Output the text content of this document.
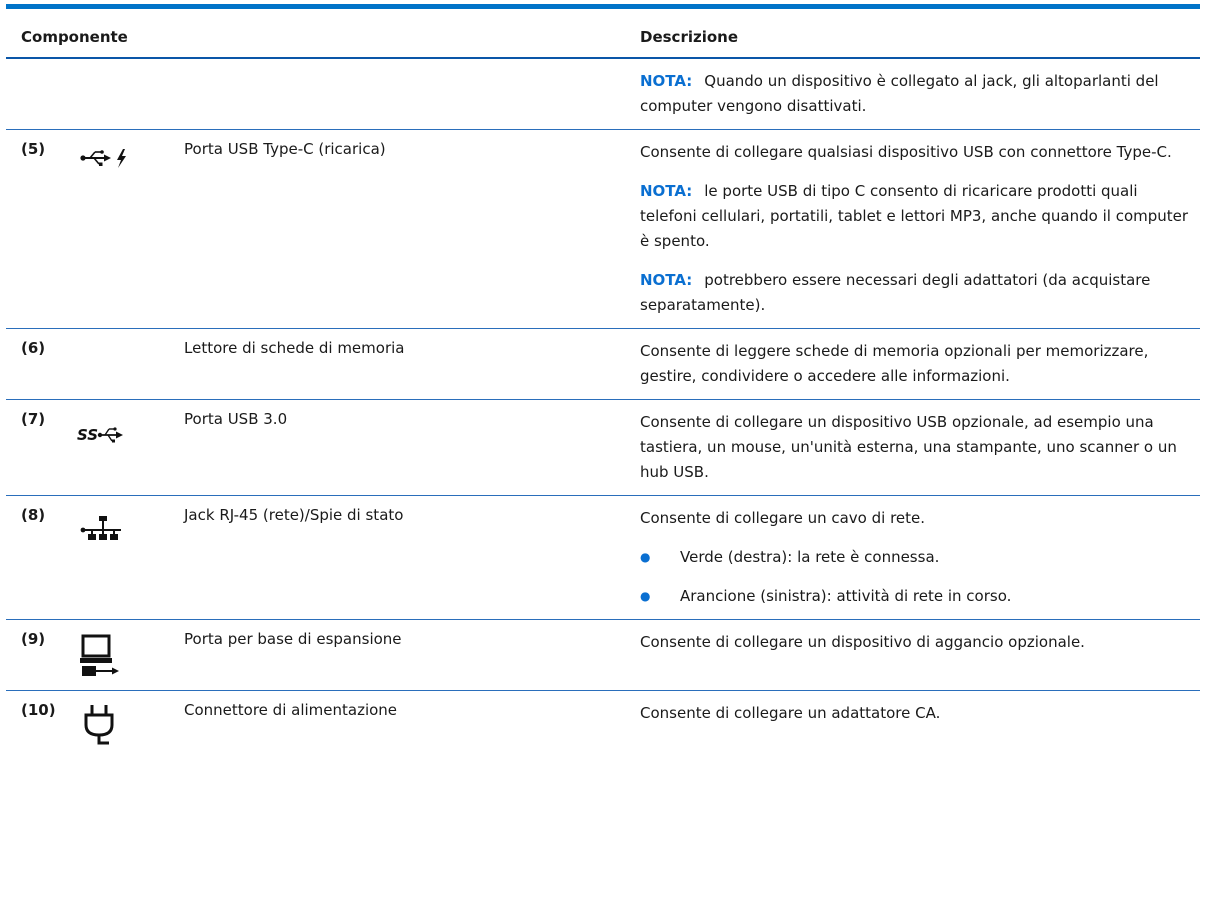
Componente			Descrizione

			NOTA: Quando un dispositivo è collegato al jack, gli altoparlanti del computer vengono disattivati.

(5)		Porta USB Type-C (ricarica)	Consente di collegare qualsiasi dispositivo USB con connettore Type-C.

NOTA: le porte USB di tipo C consento di ricaricare prodotti quali telefoni cellulari, portatili, tablet e lettori MP3, anche quando il computer è spento.

NOTA: potrebbero essere necessari degli adattatori (da acquistare separatamente).

(6)		Lettore di schede di memoria	Consente di leggere schede di memoria opzionali per memorizzare, gestire, condividere o accedere alle informazioni.
(7)	SS	Porta USB 3.0	Consente di collegare un dispositivo USB opzionale, ad esempio una tastiera, un mouse, un'unità esterna, una stampante, uno scanner o un hub USB.
(8)		Jack RJ-45 (rete)/Spie di stato	Consente di collegare un cavo di rete.

● Verde (destra): la rete è connessa.
● Arancione (sinistra): attività di rete in corso.

(9)		Porta per base di espansione	Consente di collegare un dispositivo di aggancio opzionale.
(10)		Connettore di alimentazione	Consente di collegare un adattatore CA.
